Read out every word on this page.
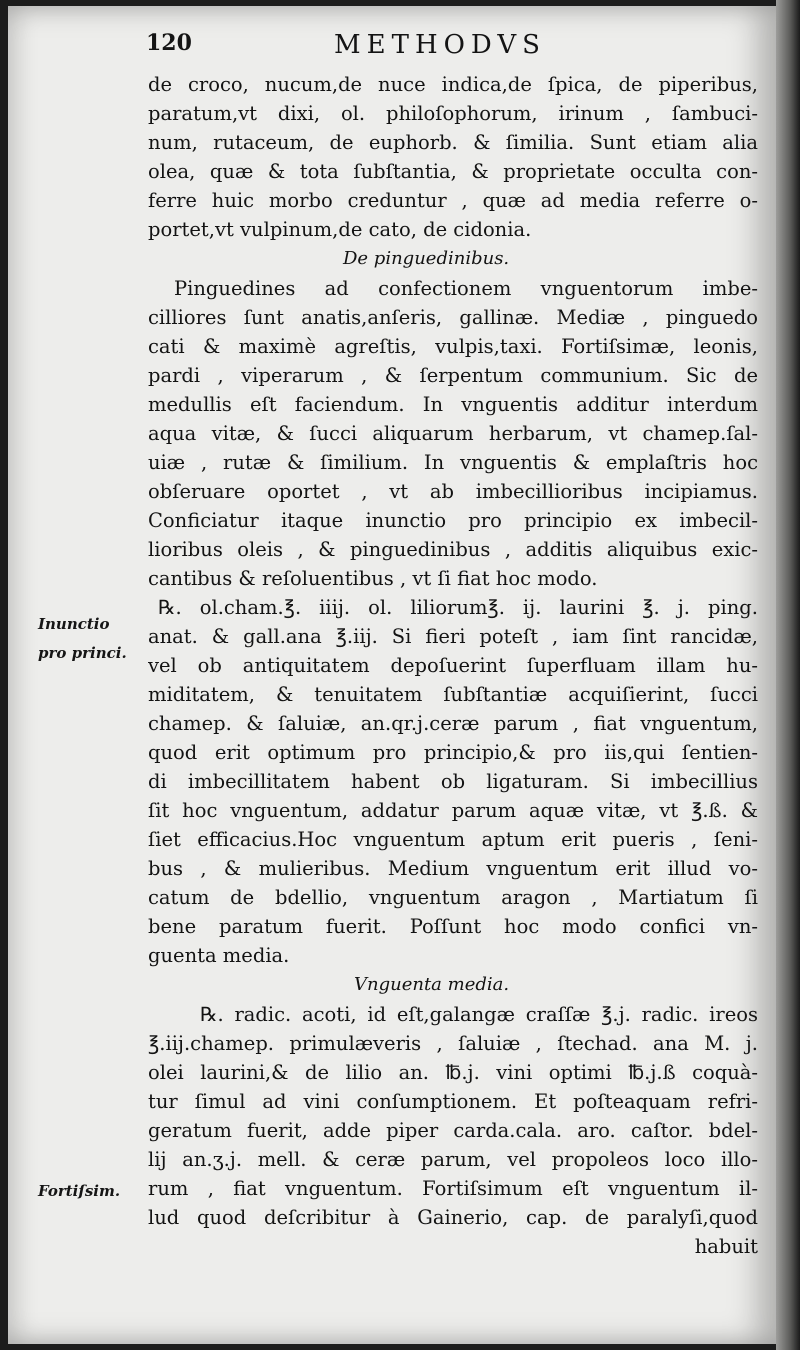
120	METHODVS
de croco, nucum,de nuce indica,de ſpica, de piperibus,
paratum,vt dixi, ol. philoſophorum, irinum , ſambuci-
num, rutaceum, de euphorb. & ſimilia. Sunt etiam alia
olea, quæ & tota ſubſtantia, & proprietate occulta con-
ferre huic morbo creduntur , quæ ad media referre o-
portet,vt vulpinum,de cato, de cidonia.
De pinguedinibus.
Pinguedines ad confectionem vnguentorum imbe-
cilliores ſunt anatis,anſeris, gallinæ. Mediæ , pinguedo
cati & maximè agreſtis, vulpis,taxi. Fortiſsimæ, leonis,
pardi , viperarum , & ſerpentum communium. Sic de
medullis eſt faciendum. In vnguentis additur interdum
aqua vitæ, & ſucci aliquarum herbarum, vt chamep.ſal-
uiæ , rutæ & ſimilium. In vnguentis & emplaſtris hoc
obſeruare oportet , vt ab imbecillioribus incipiamus.
Conficiatur itaque inunctio pro principio ex imbecil-
lioribus oleis , & pinguedinibus , additis aliquibus exic-
cantibus & reſoluentibus , vt ſi fiat hoc modo.
℞. ol.cham.℥. iiij. ol. liliorum℥. ij. laurini ℥. j. ping.
anat. & gall.ana ℥.iij. Si fieri poteſt , iam ſint rancidæ,
vel ob antiquitatem depoſuerint ſuperfluam illam hu-
miditatem, & tenuitatem ſubſtantiæ acquiſierint, ſucci
chamep. & ſaluiæ, an.qr.j.ceræ parum , fiat vnguentum,
quod erit optimum pro principio,& pro iis,qui ſentien-
di imbecillitatem habent ob ligaturam. Si imbecillius
ſit hoc vnguentum, addatur parum aquæ vitæ, vt ℥.ß. &
ſiet efficacius.Hoc vnguentum aptum erit pueris , ſeni-
bus , & mulieribus. Medium vnguentum erit illud vo-
catum de bdellio, vnguentum aragon , Martiatum ſi
bene paratum fuerit. Poſſunt hoc modo confici vn-
guenta media.
Vnguenta media.
℞. radic. acoti, id eſt,galangæ craſſæ ℥.j. radic. ireos
℥.iij.chamep. primulæveris , ſaluiæ , ſtechad. ana M. j.
olei laurini,& de lilio an. ℔.j. vini optimi ℔.j.ß coquà-
tur ſimul ad vini conſumptionem. Et poſteaquam refri-
geratum fuerit, adde piper carda.cala. aro. caſtor. bdel-
lij an.ʒ.j. mell. & ceræ parum, vel propoleos loco illo-
rum , fiat vnguentum. Fortiſsimum eſt vnguentum il-
lud quod deſcribitur à Gainerio, cap. de paralyſi,quod
habuit
Inunctio
pro princi.
Fortiſsim.
